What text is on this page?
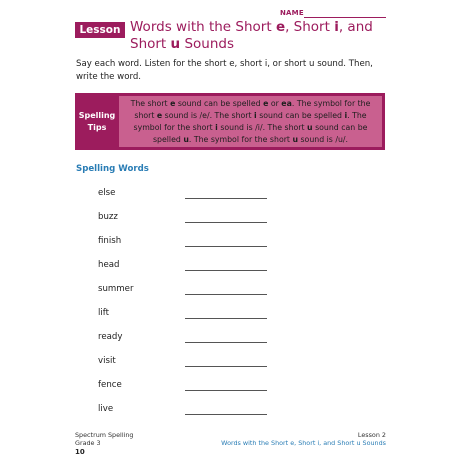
NAME
Lesson 2
Words with the Short e, Short i, and Short u Sounds
Say each word. Listen for the short e, short i, or short u sound. Then, write the word.
Spelling
Tips
The short e sound can be spelled e or ea. The symbol for the short e sound is /e/. The short i sound can be spelled i. The symbol for the short i sound is /i/. The short u sound can be spelled u. The symbol for the short u sound is /u/.
Spelling Words
else
buzz
finish
head
summer
lift
ready
visit
fence
live
Spectrum Spelling
Grade 3
Lesson 2
Words with the Short e, Short i, and Short u Sounds
10
